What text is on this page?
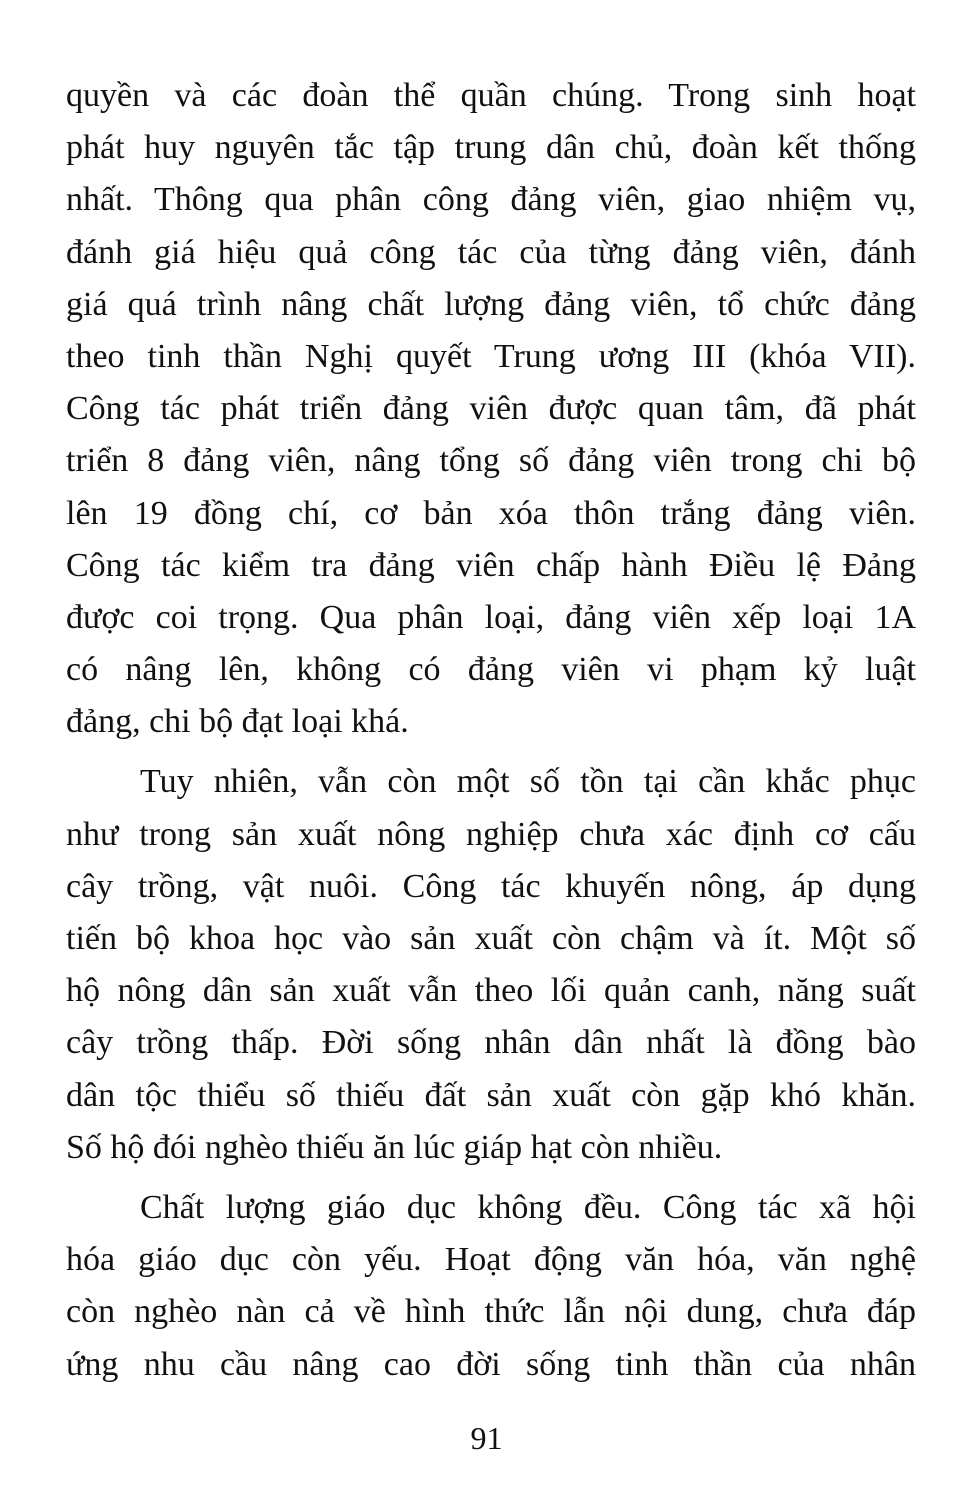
quyền và các đoàn thể quần chúng. Trong sinh hoạt
phát huy nguyên tắc tập trung dân chủ, đoàn kết thống
nhất. Thông qua phân công đảng viên, giao nhiệm vụ,
đánh giá hiệu quả công tác của từng đảng viên, đánh
giá quá trình nâng chất lượng đảng viên, tổ chức đảng
theo tinh thần Nghị quyết Trung ương III (khóa VII).
Công tác phát triển đảng viên được quan tâm, đã phát
triển 8 đảng viên, nâng tổng số đảng viên trong chi bộ
lên 19 đồng chí, cơ bản xóa thôn trắng đảng viên.
Công tác kiểm tra đảng viên chấp hành Điều lệ Đảng
được coi trọng. Qua phân loại, đảng viên xếp loại 1A
có nâng lên, không có đảng viên vi phạm kỷ luật
đảng, chi bộ đạt loại khá.
Tuy nhiên, vẫn còn một số tồn tại cần khắc phục
như trong sản xuất nông nghiệp chưa xác định cơ cấu
cây trồng, vật nuôi. Công tác khuyến nông, áp dụng
tiến bộ khoa học vào sản xuất còn chậm và ít. Một số
hộ nông dân sản xuất vẫn theo lối quản canh, năng suất
cây trồng thấp. Đời sống nhân dân nhất là đồng bào
dân tộc thiểu số thiếu đất sản xuất còn gặp khó khăn.
Số hộ đói nghèo thiếu ăn lúc giáp hạt còn nhiều.
Chất lượng giáo dục không đều. Công tác xã hội
hóa giáo dục còn yếu. Hoạt động văn hóa, văn nghệ
còn nghèo nàn cả về hình thức lẫn nội dung, chưa đáp
ứng nhu cầu nâng cao đời sống tinh thần của nhân
91
